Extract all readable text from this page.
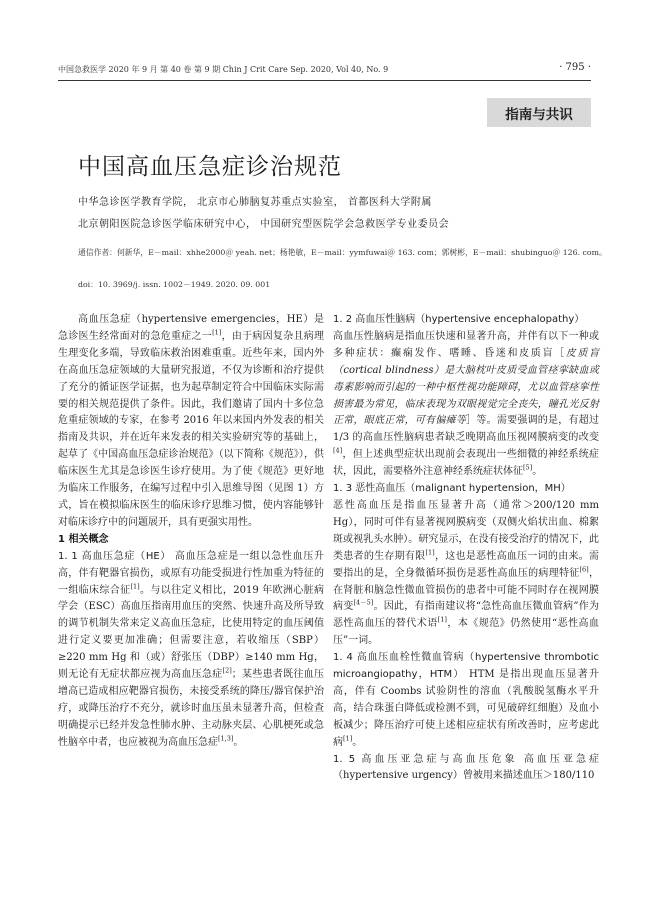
中国急救医学 2020 年 9 月 第 40 卷 第 9 期 Chin J Crit Care Sep. 2020, Vol 40, No. 9	· 795 ·
指南与共识
中国高血压急症诊治规范
中华急诊医学教育学院， 北京市心肺脑复苏重点实验室， 首都医科大学附属
北京朝阳医院急诊医学临床研究中心， 中国研究型医院学会急救医学专业委员会
通信作者：何新华，E－mail：xhhe2000＠ yeah. net；杨艳敏，E－mail：yymfuwai＠ 163. com；郭树彬，E－mail：shubinguo＠ 126. com。
doi：10. 3969/j. issn. 1002－1949. 2020. 09. 001

高血压急症（hypertensive emergencies，HE）是急诊医生经常面对的急危重症之一[1]，由于病因复杂且病理生理变化多端，导致临床救治困难重重。近些年来，国内外在高血压急症领域的大量研究报道，不仅为诊断和治疗提供了充分的循证医学证据，也为起草制定符合中国临床实际需要的相关规范提供了条件。因此，我们邀请了国内十多位急危重症领域的专家，在参考 2016 年以来国内外发表的相关指南及共识，并在近年来发表的相关实验研究等的基础上，起草了《中国高血压急症诊治规范》（以下简称《规范》），供临床医生尤其是急诊医生诊疗使用。为了使《规范》更好地为临床工作服务，在编写过程中引入思维导图（见图 1）方式，旨在模拟临床医生的临床诊疗思维习惯，使内容能够针对临床诊疗中的问题展开，具有更强实用性。

1 相关概念

1. 1 高血压急症（HE） 高血压急症是一组以急性血压升高，伴有靶器官损伤，或原有功能受损进行性加重为特征的一组临床综合征[1]。与以往定义相比，2019 年欧洲心脏病学会（ESC）高血压指南用血压的突然、快速升高及所导致的调节机制失常来定义高血压急症，比使用特定的血压阈值进行定义要更加准确；但需要注意，若收缩压（SBP）≥220 mm Hg 和（或）舒张压（DBP）≥140 mm Hg，则无论有无症状都应视为高血压急症[2]；某些患者既往血压增高已造成相应靶器官损伤，未接受系统的降压/器官保护治疗，或降压治疗不充分，就诊时血压虽未显著升高，但检查明确提示已经并发急性肺水肿、主动脉夹层、心肌梗死或急性脑卒中者，也应被视为高血压急症[1,3]。

1. 2 高血压性脑病（hypertensive encephalopathy）
高血压性脑病是指血压快速和显著升高，并伴有以下一种或多种症状：癫痫发作、嗜睡、昏迷和皮质盲［皮质盲（cortical blindness）是大脑枕叶皮质受血管痉挛缺血或毒素影响而引起的一种中枢性视功能障碍，尤以血管痉挛性损害最为常见，临床表现为双眼视觉完全丧失，瞳孔光反射正常，眼底正常，可有偏瘫等］等。需要强调的是，有超过 1/3 的高血压性脑病患者缺乏晚期高血压视网膜病变的改变[4]，但上述典型症状出现前会表现出一些细微的神经系统症状，因此，需要格外注意神经系统症状体征[5]。

1. 3 恶性高血压（malignant hypertension，MH）
恶性高血压是指血压显著升高（通常＞200/120 mm Hg），同时可伴有显著视网膜病变（双侧火焰状出血、棉絮斑或视乳头水肿）。研究显示，在没有接受治疗的情况下，此类患者的生存期有限[1]，这也是恶性高血压一词的由来。需要指出的是，全身微循环损伤是恶性高血压的病理特征[6]，在肾脏和脑急性微血管损伤的患者中可能不同时存在视网膜病变[4－5]。因此，有指南建议将“急性高血压微血管病”作为恶性高血压的替代术语[1]，本《规范》仍然使用“恶性高血压”一词。

1. 4 高血压血栓性微血管病（hypertensive thrombotic microangiopathy，HTM） HTM 是指出现血压显著升高，伴有 Coombs 试验阴性的溶血（乳酸脱氢酶水平升高，结合珠蛋白降低或检测不到，可见破碎红细胞）及血小板减少；降压治疗可使上述相应症状有所改善时，应考虑此病[1]。

1. 5 高血压亚急症与高血压危象 高血压亚急症（hypertensive urgency）曾被用来描述血压＞180/110
